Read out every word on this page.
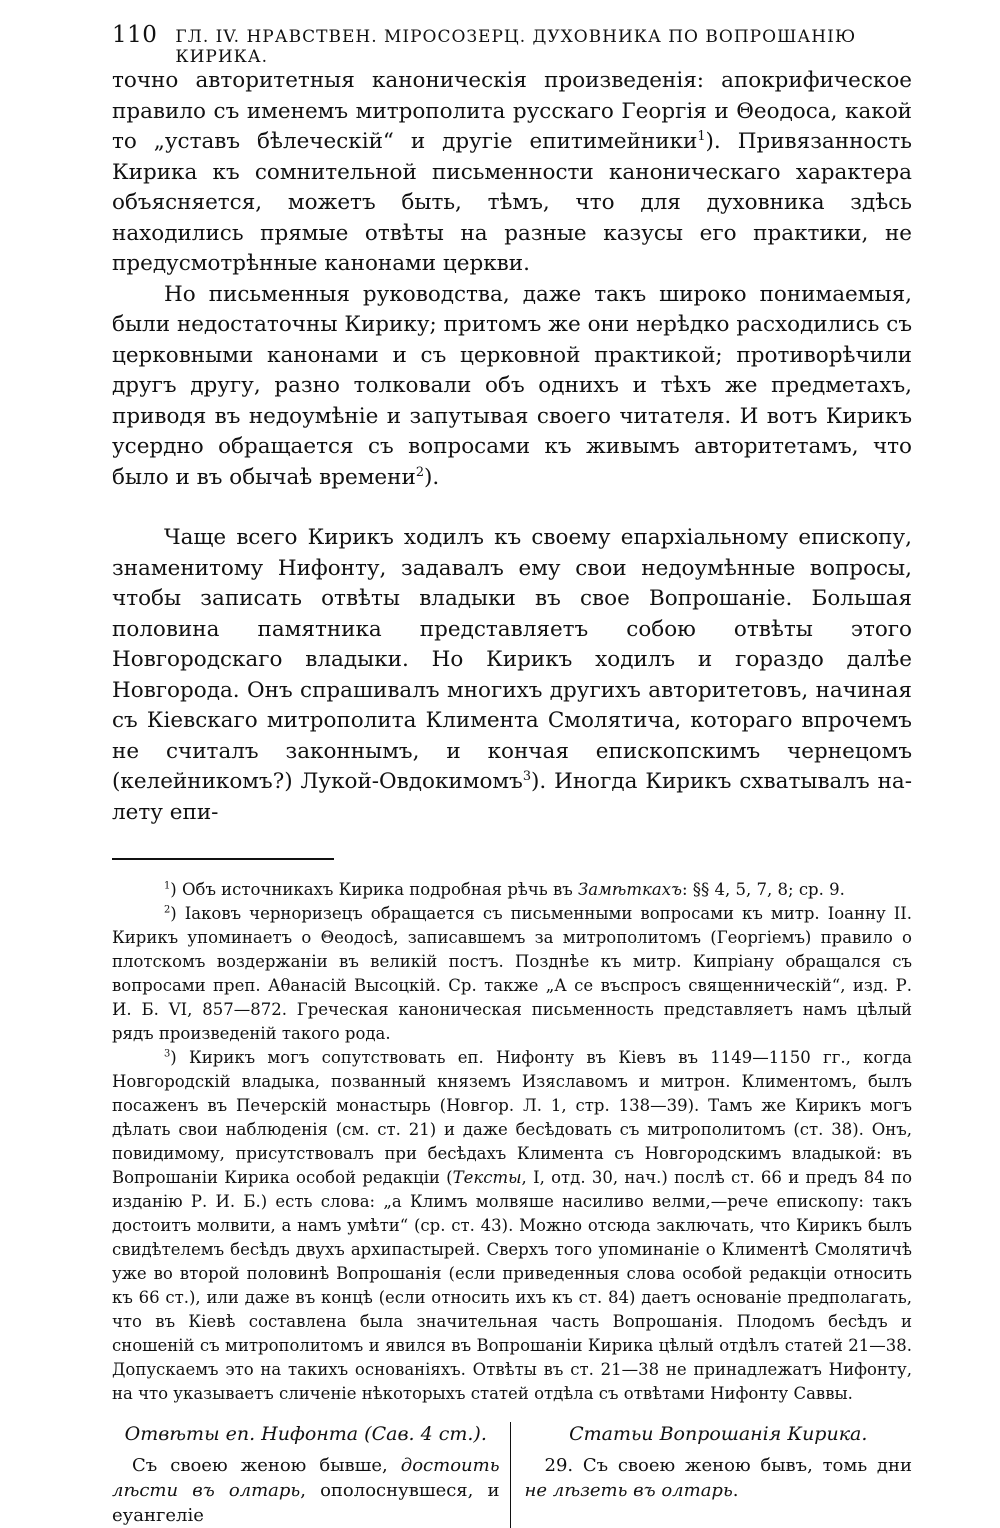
110 ГЛ. IV. НРАВСТВЕН. МІРОСОЗЕРЦ. ДУХОВНИКА ПО ВОПРОШАНІЮ КИРИКА.

точно авторитетныя каноническія произведенія: апокрифическое правило съ именемъ митрополита русскаго Георгія и Θеодоса, какой то „уставъ бѣлеческій“ и другіе епитимейники$^1$). Привязанность Кирика къ сомнительной письменности каноническаго характера объясняется, можетъ быть, тѣмъ, что для духовника здѣсь находились прямые отвѣты на разные казусы его практики, не предусмотрѣнные канонами церкви.

Но письменныя руководства, даже такъ широко понимаемыя, были недостаточны Кирику; притомъ же они нерѣдко расходились съ церковными канонами и съ церковной практикой; противорѣчили другъ другу, разно толковали объ однихъ и тѣхъ же предметахъ, приводя въ недоумѣніе и запутывая своего читателя. И вотъ Кирикъ усердно обращается съ вопросами къ живымъ авторитетамъ, что было и въ обычаѣ времени$^2$).

Чаще всего Кирикъ ходилъ къ своему епархіальному епископу, знаменитому Нифонту, задавалъ ему свои недоумѣнные вопросы, чтобы записать отвѣты владыки въ свое Вопрошаніе. Большая половина памятника представляетъ собою отвѣты этого Новгородскаго владыки. Но Кирикъ ходилъ и гораздо далѣе Новгорода. Онъ спрашивалъ многихъ другихъ авторитетовъ, начиная съ Кіевскаго митрополита Климента Смолятича, котораго впрочемъ не считалъ законнымъ, и кончая епископскимъ чернецомъ (келейникомъ?) Лукой-Овдокимомъ$^3$). Иногда Кирикъ схватывалъ на-лету епи-

$^1$) Объ источникахъ Кирика подробная рѣчь въ Замѣткахъ: §§ 4, 5, 7, 8; ср. 9.

$^2$) Іаковъ черноризецъ обращается съ письменными вопросами къ митр. Іоанну II. Кирикъ упоминаетъ о Θеодосѣ, записавшемъ за митрополитомъ (Георгіемъ) правило о плотскомъ воздержаніи въ великій постъ. Позднѣе къ митр. Кипріану обращался съ вопросами преп. Аθанасій Высоцкій. Ср. также „А се въспросъ священническій“, изд. Р. И. Б. VI, 857—872. Греческая каноническая письменность представляетъ намъ цѣлый рядъ произведеній такого рода.

$^3$) Кирикъ могъ сопутствовать еп. Нифонту въ Кіевъ въ 1149—1150 гг., когда Новгородскій владыка, позванный княземъ Изяславомъ и митрон. Климентомъ, былъ посаженъ въ Печерскій монастырь (Новгор. Л. 1, стр. 138—39). Тамъ же Кирикъ могъ дѣлать свои наблюденія (см. ст. 21) и даже бесѣдовать съ митрополитомъ (ст. 38). Онъ, повидимому, присутствовалъ при бесѣдахъ Климента съ Новгородскимъ владыкой: въ Вопрошаніи Кирика особой редакціи (Тексты, I, отд. 30, нач.) послѣ ст. 66 и предъ 84 по изданію Р. И. Б.) есть слова: „а Климъ молвяше насиливо велми,—рече епископу: такъ достоитъ молвити, а намъ умѣти“ (ср. ст. 43). Можно отсюда заключать, что Кирикъ былъ свидѣтелемъ бесѣдъ двухъ архипастырей. Сверхъ того упоминаніе о Климентѣ Смолятичѣ уже во второй половинѣ Вопрошанія (если приведенныя слова особой редакціи относить къ 66 ст.), или даже въ концѣ (если относить ихъ къ ст. 84) даетъ основаніе предполагать, что въ Кіевѣ составлена была значительная часть Вопрошанія. Плодомъ бесѣдъ и сношеній съ митрополитомъ и явился въ Вопрошаніи Кирика цѣлый отдѣлъ статей 21—38. Допускаемъ это на такихъ основаніяхъ. Отвѣты въ ст. 21—38 не принадлежатъ Нифонту, на что указываетъ сличеніе нѣкоторыхъ статей отдѣла съ отвѣтами Нифонту Саввы.

Отвѣты еп. Нифонта (Сав. 4 ст.).
Съ своею женою бывше, достоить лѣсти въ олтарь, ополоснувшеся, и еуангеліе
Статьи Вопрошанія Кирика.
29. Съ своею женою бывъ, томь дни не лѣзеть въ олтарь.
